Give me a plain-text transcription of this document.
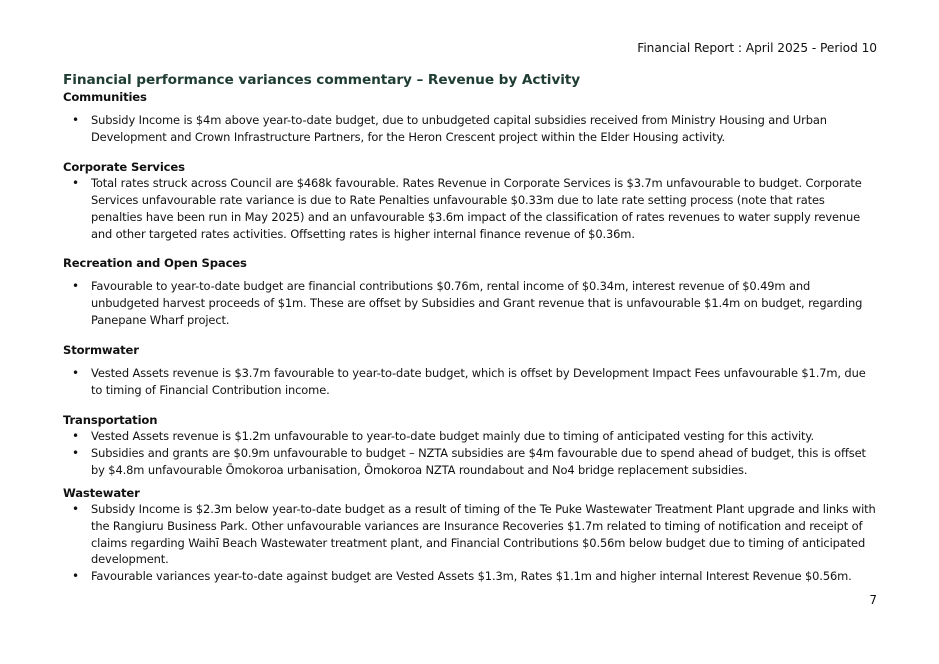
Financial Report : April 2025 - Period 10
Financial performance variances commentary – Revenue by Activity
Communities
• Subsidy Income is $4m above year-to-date budget, due to unbudgeted capital subsidies received from Ministry Housing and Urban Development and Crown Infrastructure Partners, for the Heron Crescent project within the Elder Housing activity.
Corporate Services
• Total rates struck across Council are $468k favourable. Rates Revenue in Corporate Services is $3.7m unfavourable to budget. Corporate Services unfavourable rate variance is due to Rate Penalties unfavourable $0.33m due to late rate setting process (note that rates penalties have been run in May 2025) and an unfavourable $3.6m impact of the classification of rates revenues to water supply revenue and other targeted rates activities. Offsetting rates is higher internal finance revenue of $0.36m.
Recreation and Open Spaces
• Favourable to year-to-date budget are financial contributions $0.76m, rental income of $0.34m, interest revenue of $0.49m and unbudgeted harvest proceeds of $1m. These are offset by Subsidies and Grant revenue that is unfavourable $1.4m on budget, regarding Panepane Wharf project.
Stormwater
• Vested Assets revenue is $3.7m favourable to year-to-date budget, which is offset by Development Impact Fees unfavourable $1.7m, due to timing of Financial Contribution income.
Transportation
• Vested Assets revenue is $1.2m unfavourable to year-to-date budget mainly due to timing of anticipated vesting for this activity.
• Subsidies and grants are $0.9m unfavourable to budget – NZTA subsidies are $4m favourable due to spend ahead of budget, this is offset by $4.8m unfavourable Ōmokoroa urbanisation, Ōmokoroa NZTA roundabout and No4 bridge replacement subsidies.
Wastewater
• Subsidy Income is $2.3m below year-to-date budget as a result of timing of the Te Puke Wastewater Treatment Plant upgrade and links with the Rangiuru Business Park. Other unfavourable variances are Insurance Recoveries $1.7m related to timing of notification and receipt of claims regarding Waihī Beach Wastewater treatment plant, and Financial Contributions $0.56m below budget due to timing of anticipated development.
• Favourable variances year-to-date against budget are Vested Assets $1.3m, Rates $1.1m and higher internal Interest Revenue $0.56m.
7
